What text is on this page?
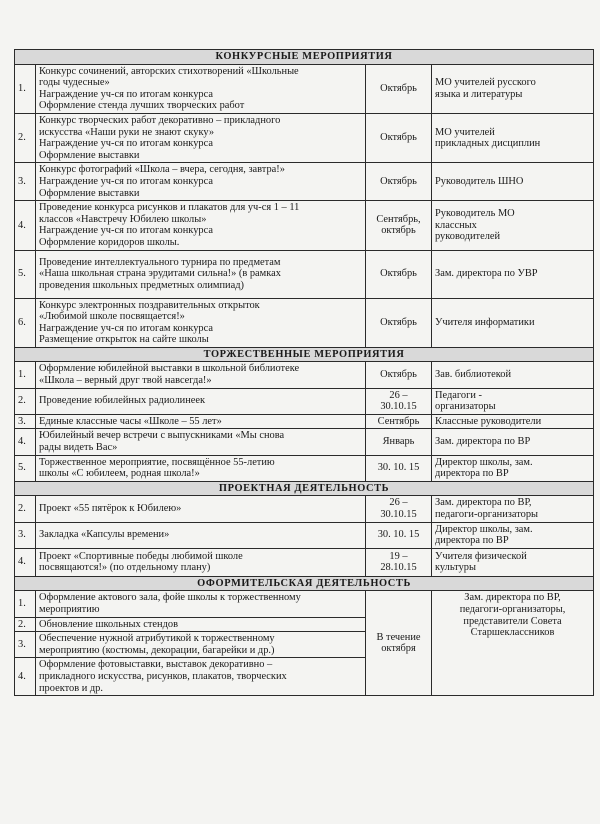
КОНКУРСНЫЕ МЕРОПРИЯТИЯ			
1.	Конкурс сочинений, авторских стихотворений «Школьные
годы чудесные»
Награждение уч-ся по итогам конкурса
Оформление стенда лучших творческих работ	Октябрь	МО учителей русского
языка и литературы

2.	Конкурс творческих работ декоративно – прикладного
искусства «Наши руки не знают скуку»
Награждение уч-ся по итогам конкурса
Оформление выставки	Октябрь	МО учителей
прикладных дисциплин

3.	Конкурс фотографий «Школа – вчера, сегодня, завтра!»
Награждение уч-ся по итогам конкурса
Оформление выставки	Октябрь	Руководитель ШНО

4.	Проведение конкурса рисунков и плакатов для уч-ся 1 – 11
классов «Навстречу Юбилею школы»
Награждение уч-ся по итогам конкурса
Оформление коридоров школы.	Сентябрь,
октябрь	Руководитель МО
классных
руководителей

5.	Проведение интеллектуального турнира по предметам
«Наша школьная страна эрудитами сильна!» (в рамках
проведения школьных предметных олимпиад)	Октябрь	Зам. директора по УВР

6.	Конкурс электронных поздравительных открыток
«Любимой школе посвящается!»
Награждение уч-ся по итогам конкурса
Размещение открыток на сайте школы	Октябрь	Учителя информатики

ТОРЖЕСТВЕННЫЕ МЕРОПРИЯТИЯ			
1.	Оформление юбилейной выставки в школьной библиотеке
«Школа – верный друг твой навсегда!»	Октябрь	Зав. библиотекой

2.	Проведение юбилейных радиолинеек	26 –
30.10.15	Педагоги -
организаторы

3.	Единые классные часы «Школе – 55 лет»	Сентябрь	Классные руководители

4.	Юбилейный вечер встречи с выпускниками «Мы снова
рады видеть Вас»	Январь	Зам. директора по ВР

5.	Торжественное мероприятие, посвящённое 55-летию
школы «С юбилеем, родная школа!»	30. 10. 15	Директор школы, зам.
директора по ВР

ПРОЕКТНАЯ ДЕЯТЕЛЬНОСТЬ			
2.	Проект «55 пятёрок к Юбилею»	26 –
30.10.15	Зам. директора по ВР,
педагоги-организаторы

3.	Закладка «Капсулы времени»	30. 10. 15	Директор школы, зам.
директора по ВР

4.	Проект «Спортивные победы любимой школе
посвящаются!» (по отдельному плану)	19 –
28.10.15	Учителя физической
культуры

ОФОРМИТЕЛЬСКАЯ ДЕЯТЕЛЬНОСТЬ			
1.	Оформление актового зала, фойе школы к торжественному
мероприятию	В течение
октября	Зам. директора по ВР,
педагоги-организаторы,
представители Совета
Старшеклассников

2.	Обновление школьных стендов		

3.	Обеспечение нужной атрибутикой к торжественному
мероприятию (костюмы, декорации, багарейки и др.)		

4.	Оформление фотовыставки, выставок декоративно –
прикладного искусства, рисунков, плакатов, творческих
проектов и др.		
